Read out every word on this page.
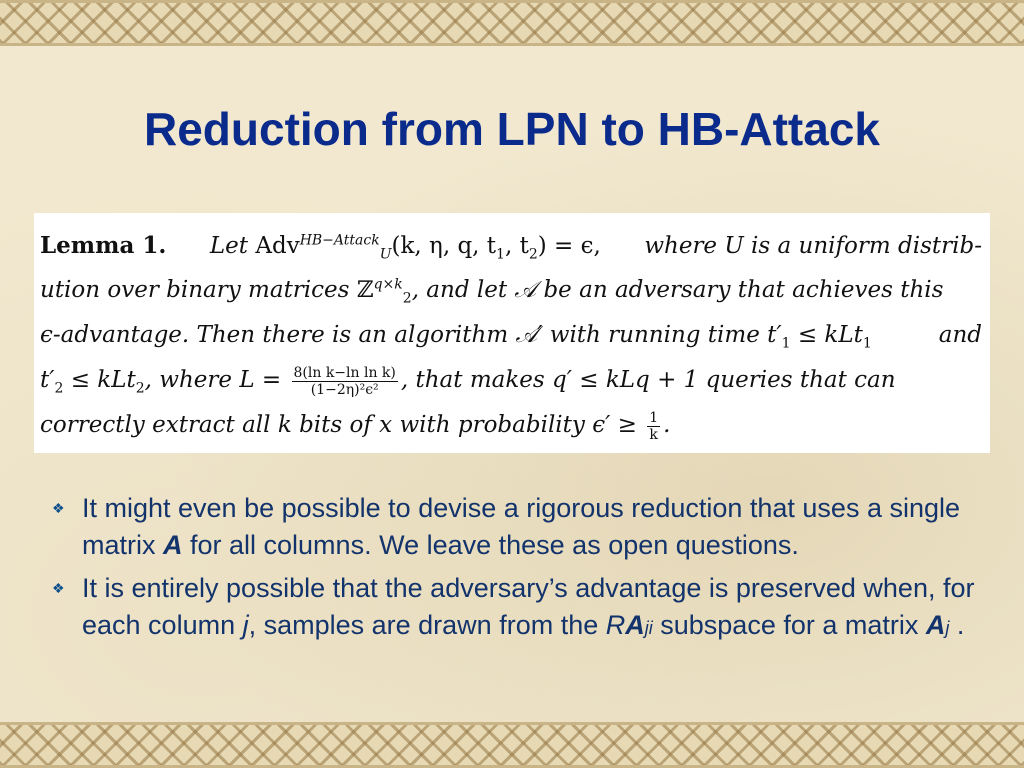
Reduction from LPN to HB-Attack
Lemma 1. Let Adv$^{HB-Attack}_U$(k, η, q, $t_1$, $t_2) = \epsilon$, where U is a uniform distrib-
ution over binary matrices ℤ$^{q\times k}_2$, and let 𝒜 be an adversary that achieves this
ϵ-advantage. Then there is an algorithm 𝒜′ with running time $t'_1 \le kLt_1$	and
$t'_2 \le kLt_2$, where $L = \frac{\text{8(ln k−ln ln k)}}{\text{(1−2η)²ϵ²}}$ , that makes q′ ≤ kLq + 1 queries that can
correctly extract all k bits of x with probability $\epsilon' \ge \frac{1}{k}$ .
❖ It might even be possible to devise a rigorous reduction that uses a single matrix A for all columns. We leave these as open questions.
❖ It is entirely possible that the adversary’s advantage is preserved when, for each column j, samples are drawn from the RAji subspace for a matrix Aj .
